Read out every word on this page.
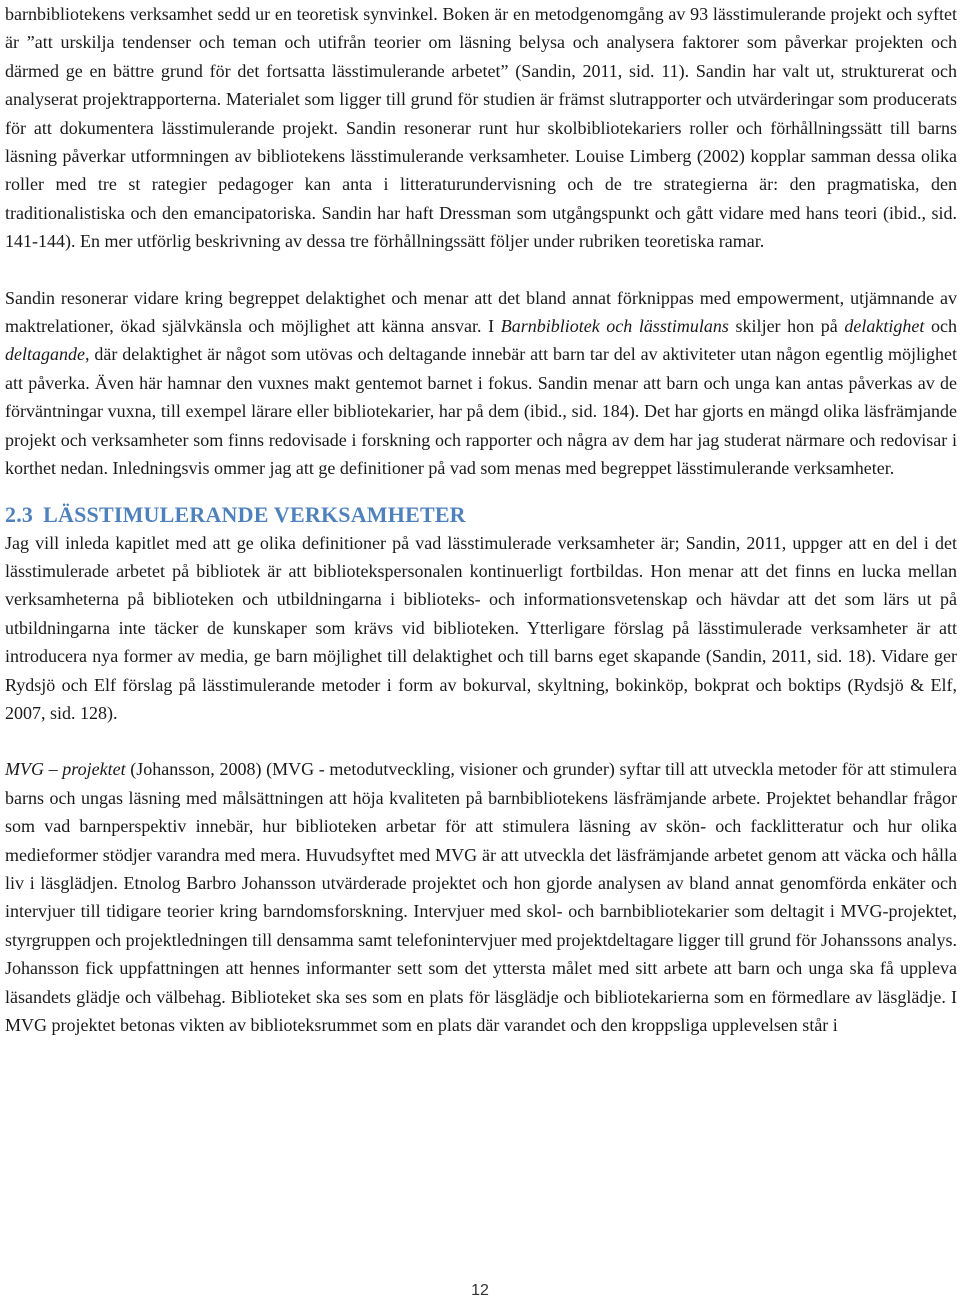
barnbibliotekens verksamhet sedd ur en teoretisk synvinkel. Boken är en metodgenomgång av 93 lässtimulerande projekt och syftet är ”att urskilja tendenser och teman och utifrån teorier om läsning belysa och analysera faktorer som påverkar projekten och därmed ge en bättre grund för det fortsatta lässtimulerande arbetet” (Sandin, 2011, sid. 11). Sandin har valt ut, strukturerat och analyserat projektrapporterna. Materialet som ligger till grund för studien är främst slutrapporter och utvärderingar som producerats för att dokumentera lässtimulerande projekt. Sandin resonerar runt hur skolbibliotekariers roller och förhållningssätt till barns läsning påverkar utformningen av bibliotekens lässtimulerande verksamheter. Louise Limberg (2002) kopplar samman dessa olika roller med tre st rategier pedagoger kan anta i litteraturundervisning och de tre strategierna är: den pragmatiska, den traditionalistiska och den emancipatoriska. Sandin har haft Dressman som utgångspunkt och gått vidare med hans teori (ibid., sid. 141-144). En mer utförlig beskrivning av dessa tre förhållningssätt följer under rubriken teoretiska ramar.

Sandin resonerar vidare kring begreppet delaktighet och menar att det bland annat förknippas med empowerment, utjämnande av maktrelationer, ökad självkänsla och möjlighet att känna ansvar. I Barnbibliotek och lässtimulans skiljer hon på delaktighet och deltagande, där delaktighet är något som utövas och deltagande innebär att barn tar del av aktiviteter utan någon egentlig möjlighet att påverka. Även här hamnar den vuxnes makt gentemot barnet i fokus. Sandin menar att barn och unga kan antas påverkas av de förväntningar vuxna, till exempel lärare eller bibliotekarier, har på dem (ibid., sid. 184). Det har gjorts en mängd olika läsfrämjande projekt och verksamheter som finns redovisade i forskning och rapporter och några av dem har jag studerat närmare och redovisar i korthet nedan. Inledningsvis ommer jag att ge definitioner på vad som menas med begreppet lässtimulerande verksamheter.

2.3 LÄSSTIMULERANDE VERKSAMHETER

Jag vill inleda kapitlet med att ge olika definitioner på vad lässtimulerade verksamheter är; Sandin, 2011, uppger att en del i det lässtimulerade arbetet på bibliotek är att bibliotekspersonalen kontinuerligt fortbildas. Hon menar att det finns en lucka mellan verksamheterna på biblioteken och utbildningarna i biblioteks- och informationsvetenskap och hävdar att det som lärs ut på utbildningarna inte täcker de kunskaper som krävs vid biblioteken. Ytterligare förslag på lässtimulerade verksamheter är att introducera nya former av media, ge barn möjlighet till delaktighet och till barns eget skapande (Sandin, 2011, sid. 18). Vidare ger Rydsjö och Elf förslag på lässtimulerande metoder i form av bokurval, skyltning, bokinköp, bokprat och boktips (Rydsjö & Elf, 2007, sid. 128).

MVG – projektet (Johansson, 2008) (MVG - metodutveckling, visioner och grunder) syftar till att utveckla metoder för att stimulera barns och ungas läsning med målsättningen att höja kvaliteten på barnbibliotekens läsfrämjande arbete. Projektet behandlar frågor som vad barnperspektiv innebär, hur biblioteken arbetar för att stimulera läsning av skön- och facklitteratur och hur olika medieformer stödjer varandra med mera. Huvudsyftet med MVG är att utveckla det läsfrämjande arbetet genom att väcka och hålla liv i läsglädjen. Etnolog Barbro Johansson utvärderade projektet och hon gjorde analysen av bland annat genomförda enkäter och intervjuer till tidigare teorier kring barndomsforskning. Intervjuer med skol- och barnbibliotekarier som deltagit i MVG-projektet, styrgruppen och projektledningen till densamma samt telefonintervjuer med projektdeltagare ligger till grund för Johanssons analys. Johansson fick uppfattningen att hennes informanter sett som det yttersta målet med sitt arbete att barn och unga ska få uppleva läsandets glädje och välbehag. Biblioteket ska ses som en plats för läsglädje och bibliotekarierna som en förmedlare av läsglädje. I MVG projektet betonas vikten av biblioteksrummet som en plats där varandet och den kroppsliga upplevelsen står i

12
